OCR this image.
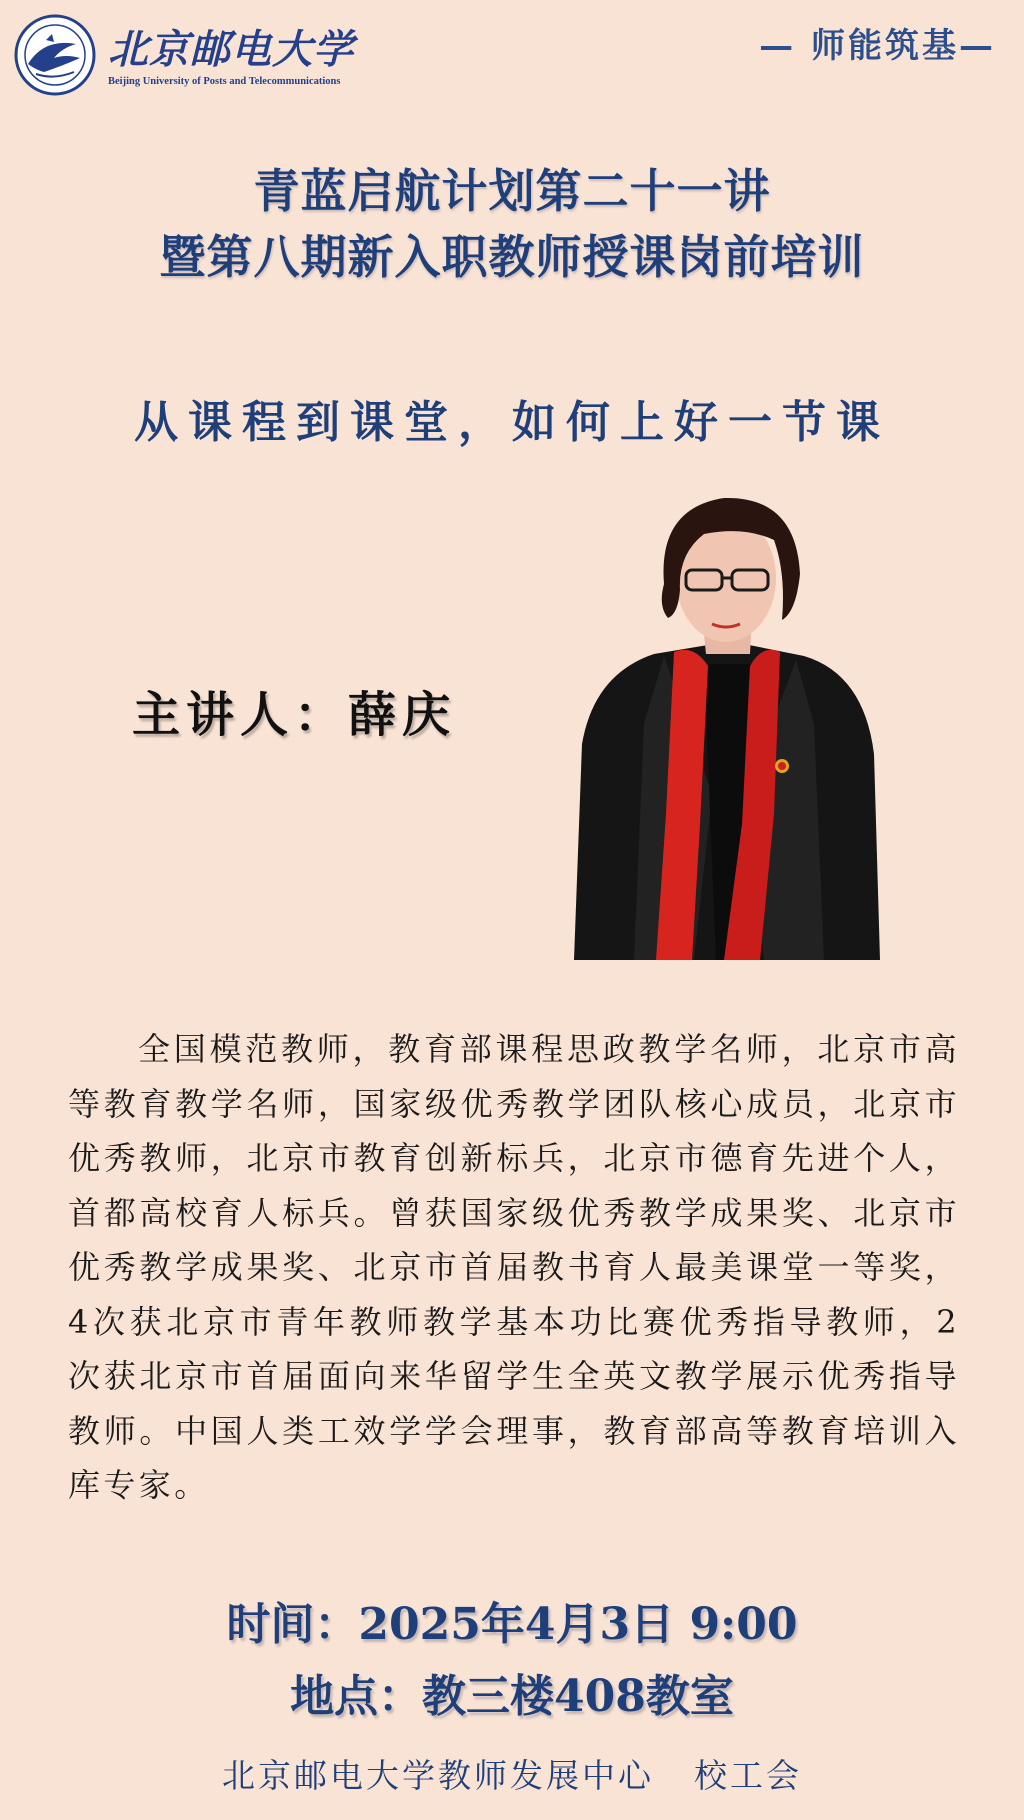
北京邮电大学
Beijing University of Posts and Telecommunications
— 师能筑基—
青蓝启航计划第二十一讲
暨第八期新入职教师授课岗前培训
从课程到课堂，如何上好一节课
主讲人：薛庆
全国模范教师，教育部课程思政教学名师，北京市高等教育教学名师，国家级优秀教学团队核心成员，北京市优秀教师，北京市教育创新标兵，北京市德育先进个人，首都高校育人标兵。曾获国家级优秀教学成果奖、北京市优秀教学成果奖、北京市首届教书育人最美课堂一等奖，4次获北京市青年教师教学基本功比赛优秀指导教师，2次获北京市首届面向来华留学生全英文教学展示优秀指导教师。中国人类工效学学会理事，教育部高等教育培训入库专家。
时间：2025年4月3日 9:00
地点：教三楼408教室
北京邮电大学教师发展中心 校工会
